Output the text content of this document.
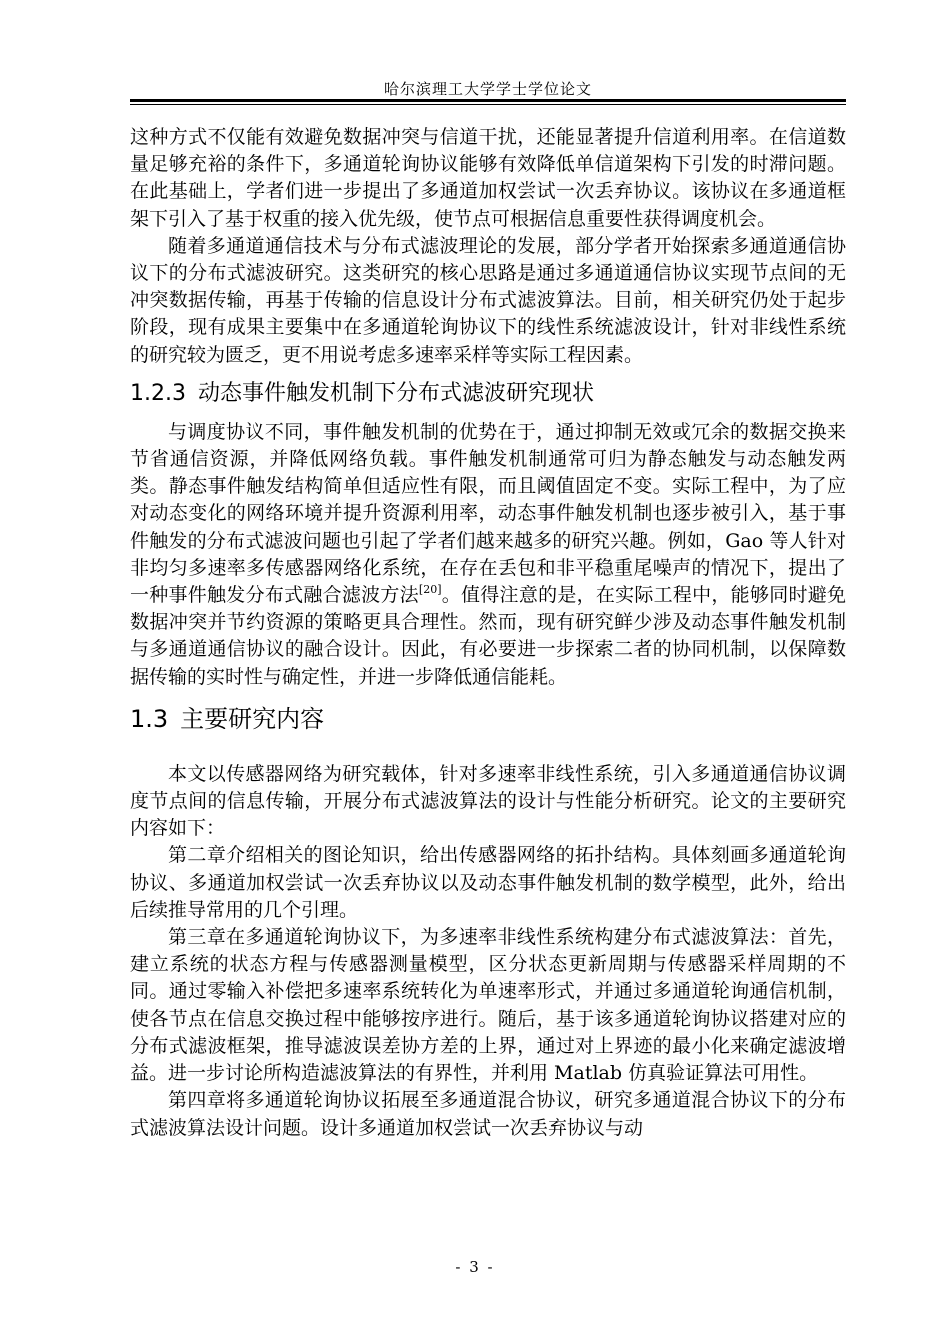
哈尔滨理工大学学士学位论文

这种方式不仅能有效避免数据冲突与信道干扰，还能显著提升信道利用率。在信道数量足够充裕的条件下，多通道轮询协议能够有效降低单信道架构下引发的时滞问题。在此基础上，学者们进一步提出了多通道加权尝试一次丢弃协议。该协议在多通道框架下引入了基于权重的接入优先级，使节点可根据信息重要性获得调度机会。

随着多通道通信技术与分布式滤波理论的发展，部分学者开始探索多通道通信协议下的分布式滤波研究。这类研究的核心思路是通过多通道通信协议实现节点间的无冲突数据传输，再基于传输的信息设计分布式滤波算法。目前，相关研究仍处于起步阶段，现有成果主要集中在多通道轮询协议下的线性系统滤波设计，针对非线性系统的研究较为匮乏，更不用说考虑多速率采样等实际工程因素。

1.2.3 动态事件触发机制下分布式滤波研究现状

与调度协议不同，事件触发机制的优势在于，通过抑制无效或冗余的数据交换来节省通信资源，并降低网络负载。事件触发机制通常可归为静态触发与动态触发两类。静态事件触发结构简单但适应性有限，而且阈值固定不变。实际工程中，为了应对动态变化的网络环境并提升资源利用率，动态事件触发机制也逐步被引入，基于事件触发的分布式滤波问题也引起了学者们越来越多的研究兴趣。例如，Gao 等人针对非均匀多速率多传感器网络化系统，在存在丢包和非平稳重尾噪声的情况下，提出了一种事件触发分布式融合滤波方法[20]。值得注意的是，在实际工程中，能够同时避免数据冲突并节约资源的策略更具合理性。然而，现有研究鲜少涉及动态事件触发机制与多通道通信协议的融合设计。因此，有必要进一步探索二者的协同机制，以保障数据传输的实时性与确定性，并进一步降低通信能耗。

1.3 主要研究内容

本文以传感器网络为研究载体，针对多速率非线性系统，引入多通道通信协议调度节点间的信息传输，开展分布式滤波算法的设计与性能分析研究。论文的主要研究内容如下：

第二章介绍相关的图论知识，给出传感器网络的拓扑结构。具体刻画多通道轮询协议、多通道加权尝试一次丢弃协议以及动态事件触发机制的数学模型，此外，给出后续推导常用的几个引理。

第三章在多通道轮询协议下，为多速率非线性系统构建分布式滤波算法：首先，建立系统的状态方程与传感器测量模型，区分状态更新周期与传感器采样周期的不同。通过零输入补偿把多速率系统转化为单速率形式，并通过多通道轮询通信机制，使各节点在信息交换过程中能够按序进行。随后，基于该多通道轮询协议搭建对应的分布式滤波框架，推导滤波误差协方差的上界，通过对上界迹的最小化来确定滤波增益。进一步讨论所构造滤波算法的有界性，并利用 Matlab 仿真验证算法可用性。

第四章将多通道轮询协议拓展至多通道混合协议，研究多通道混合协议下的分布式滤波算法设计问题。设计多通道加权尝试一次丢弃协议与动

- 3 -
